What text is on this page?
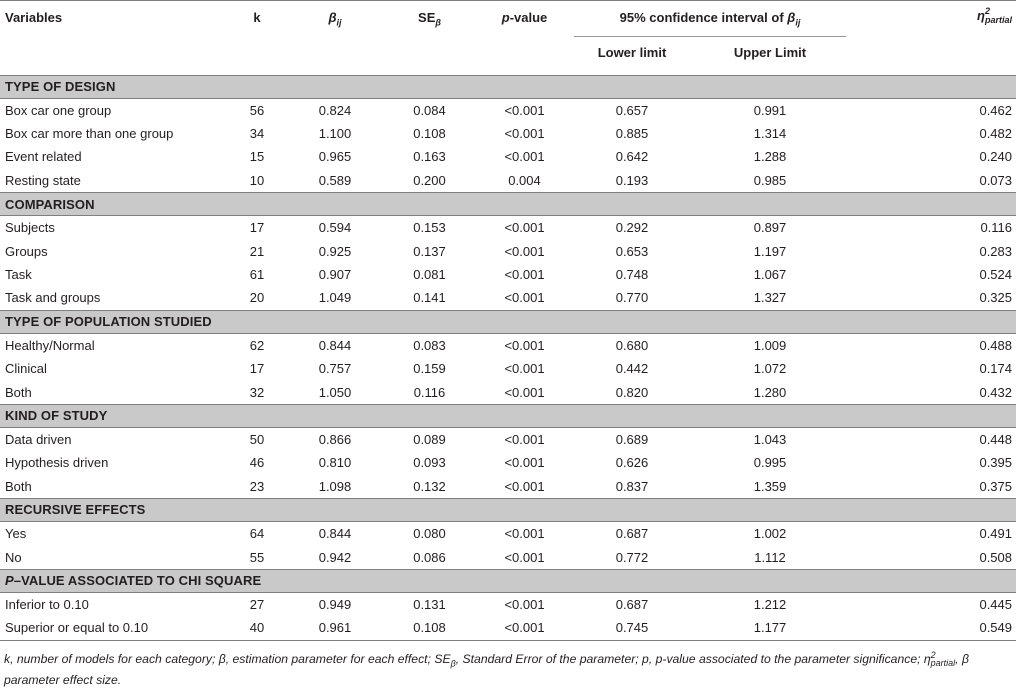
Variables	k	$\beta_{ij}$	$SE_\beta$	p-value	95% confidence interval of $\beta_{ij}$		η 2
partial

					Lower limit	Upper Limit	
TYPE OF DESIGN							
Box car one group	56	0.824	0.084	<0.001	0.657	0.991	0.462
Box car more than one group	34	1.100	0.108	<0.001	0.885	1.314	0.482
Event related	15	0.965	0.163	<0.001	0.642	1.288	0.240
Resting state	10	0.589	0.200	0.004	0.193	0.985	0.073
COMPARISON							
Subjects	17	0.594	0.153	<0.001	0.292	0.897	0.116
Groups	21	0.925	0.137	<0.001	0.653	1.197	0.283
Task	61	0.907	0.081	<0.001	0.748	1.067	0.524
Task and groups	20	1.049	0.141	<0.001	0.770	1.327	0.325
TYPE OF POPULATION STUDIED							
Healthy/Normal	62	0.844	0.083	<0.001	0.680	1.009	0.488
Clinical	17	0.757	0.159	<0.001	0.442	1.072	0.174
Both	32	1.050	0.116	<0.001	0.820	1.280	0.432
KIND OF STUDY							
Data driven	50	0.866	0.089	<0.001	0.689	1.043	0.448
Hypothesis driven	46	0.810	0.093	<0.001	0.626	0.995	0.395
Both	23	1.098	0.132	<0.001	0.837	1.359	0.375
RECURSIVE EFFECTS							
Yes	64	0.844	0.080	<0.001	0.687	1.002	0.491
No	55	0.942	0.086	<0.001	0.772	1.112	0.508
P–VALUE ASSOCIATED TO CHI SQUARE							
Inferior to 0.10	27	0.949	0.131	<0.001	0.687	1.212	0.445
Superior or equal to 0.10	40	0.961	0.108	<0.001	0.745	1.177	0.549
k, number of models for each category; β, estimation parameter for each effect; $SE_\beta$, Standard Error of the parameter; p, p-value associated to the parameter significance; η 2
partial , β parameter effect size.
